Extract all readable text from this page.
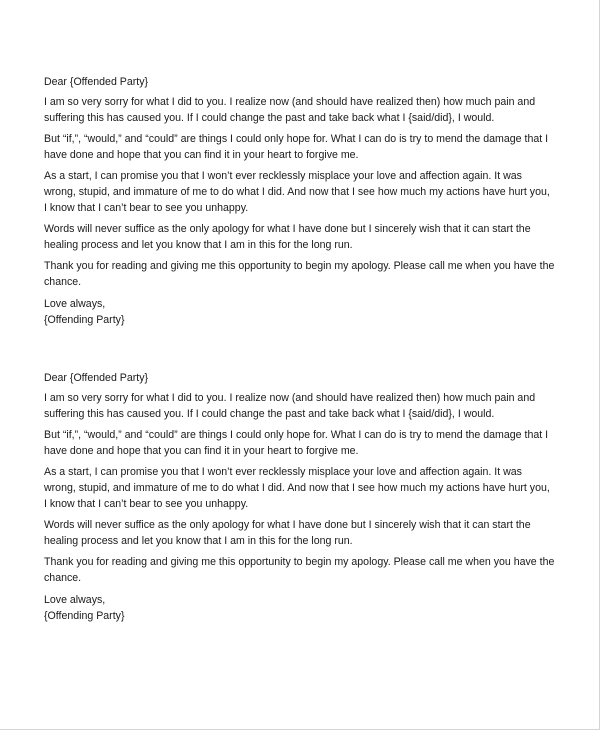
Dear {Offended Party}

I am so very sorry for what I did to you. I realize now (and should have realized then) how much pain and
suffering this has caused you. If I could change the past and take back what I {said/did}, I would.

But “if,”, “would,” and “could” are things I could only hope for. What I can do is try to mend the damage that I
have done and hope that you can find it in your heart to forgive me.

As a start, I can promise you that I won’t ever recklessly misplace your love and affection again. It was
wrong, stupid, and immature of me to do what I did. And now that I see how much my actions have hurt you,
I know that I can’t bear to see you unhappy.

Words will never suffice as the only apology for what I have done but I sincerely wish that it can start the
healing process and let you know that I am in this for the long run.

Thank you for reading and giving me this opportunity to begin my apology. Please call me when you have the
chance.

Love always,
{Offending Party}

Dear {Offended Party}

I am so very sorry for what I did to you. I realize now (and should have realized then) how much pain and
suffering this has caused you. If I could change the past and take back what I {said/did}, I would.

But “if,”, “would,” and “could” are things I could only hope for. What I can do is try to mend the damage that I
have done and hope that you can find it in your heart to forgive me.

As a start, I can promise you that I won’t ever recklessly misplace your love and affection again. It was
wrong, stupid, and immature of me to do what I did. And now that I see how much my actions have hurt you,
I know that I can’t bear to see you unhappy.

Words will never suffice as the only apology for what I have done but I sincerely wish that it can start the
healing process and let you know that I am in this for the long run.

Thank you for reading and giving me this opportunity to begin my apology. Please call me when you have the
chance.

Love always,
{Offending Party}
